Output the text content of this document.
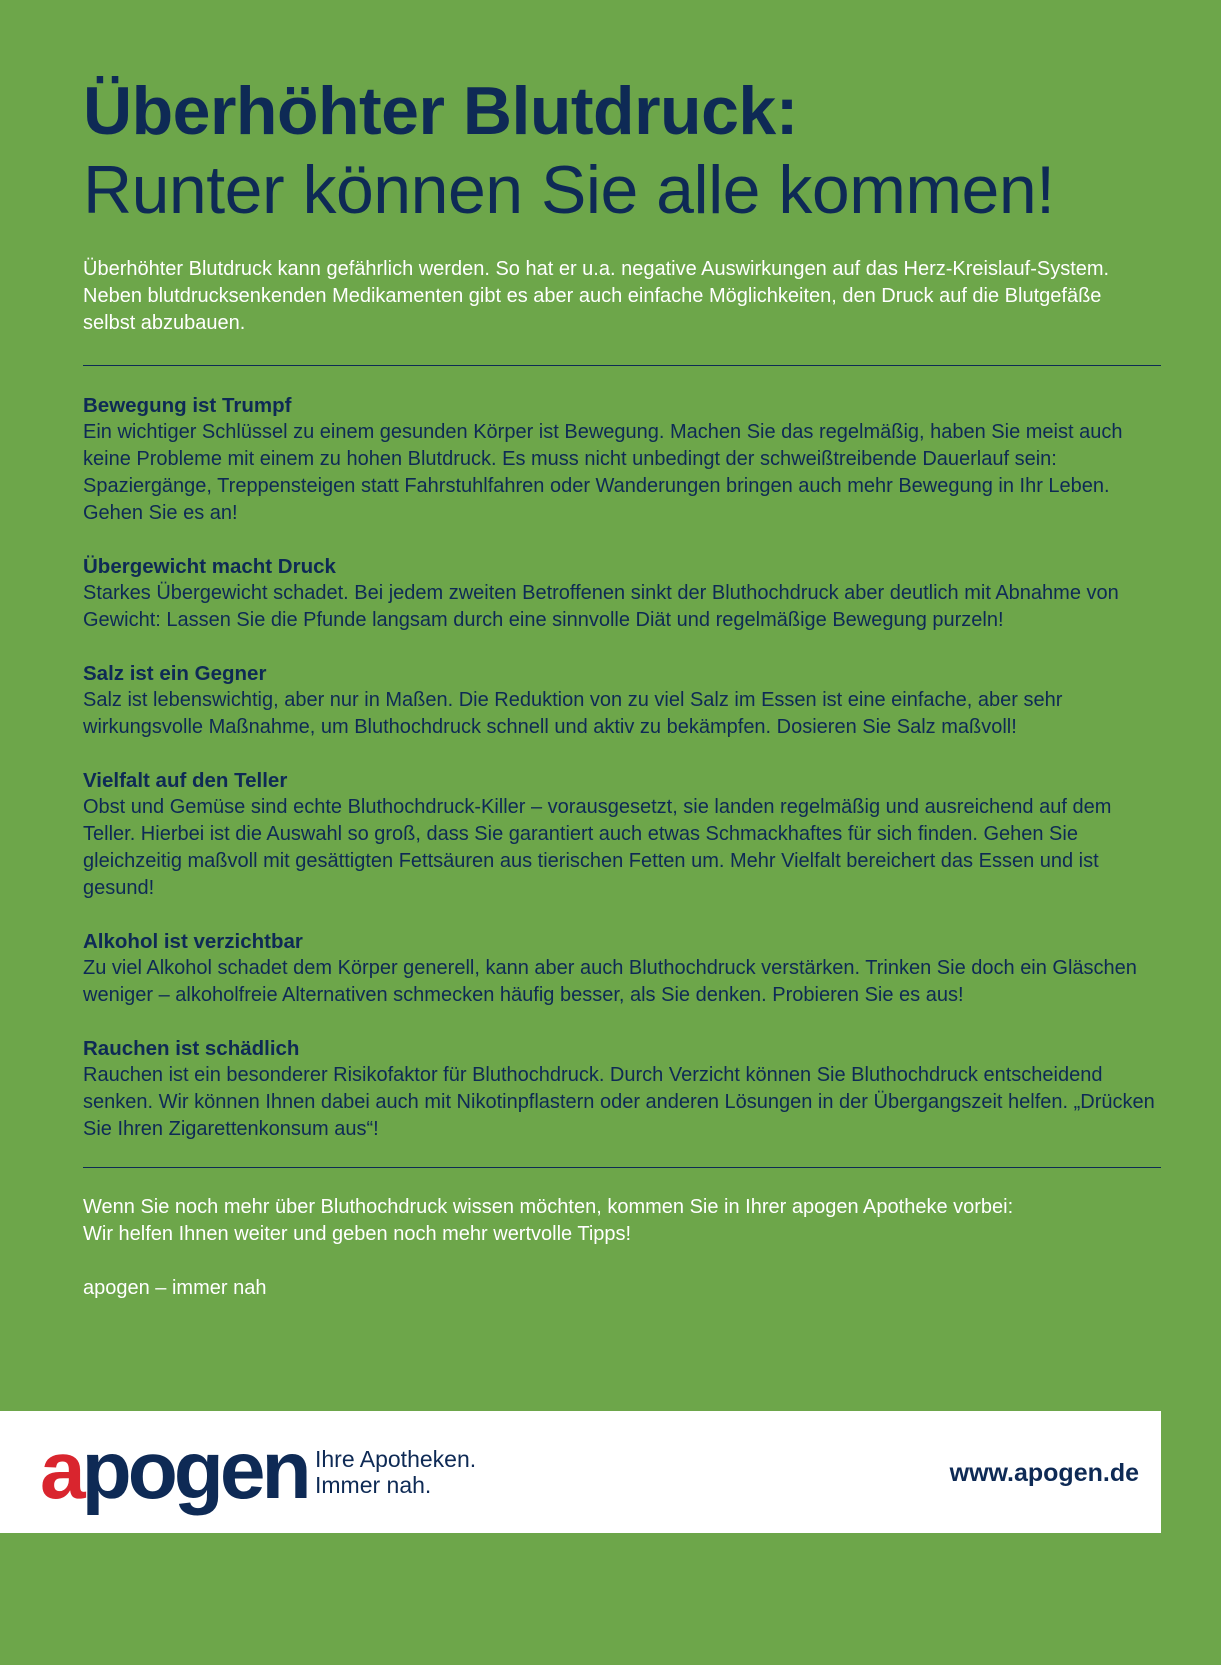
Überhöhter Blutdruck:
Runter können Sie alle kommen!

Überhöhter Blutdruck kann gefährlich werden. So hat er u.a. negative Auswirkungen auf das Herz-Kreislauf-System. Neben blutdrucksenkenden Medikamenten gibt es aber auch einfache Möglichkeiten, den Druck auf die Blutgefäße selbst abzubauen.

Bewegung ist Trumpf
Ein wichtiger Schlüssel zu einem gesunden Körper ist Bewegung. Machen Sie das regelmäßig, haben Sie meist auch keine Probleme mit einem zu hohen Blutdruck. Es muss nicht unbedingt der schweißtreibende Dauerlauf sein: Spaziergänge, Treppensteigen statt Fahrstuhlfahren oder Wanderungen bringen auch mehr Bewegung in Ihr Leben. Gehen Sie es an!
Übergewicht macht Druck
Starkes Übergewicht schadet. Bei jedem zweiten Betroffenen sinkt der Bluthochdruck aber deutlich mit Abnahme von Gewicht: Lassen Sie die Pfunde langsam durch eine sinnvolle Diät und regelmäßige Bewegung purzeln!
Salz ist ein Gegner
Salz ist lebenswichtig, aber nur in Maßen. Die Reduktion von zu viel Salz im Essen ist eine einfache, aber sehr wirkungsvolle Maßnahme, um Bluthochdruck schnell und aktiv zu bekämpfen. Dosieren Sie Salz maßvoll!
Vielfalt auf den Teller
Obst und Gemüse sind echte Bluthochdruck-Killer – vorausgesetzt, sie landen regelmäßig und ausreichend auf dem Teller. Hierbei ist die Auswahl so groß, dass Sie garantiert auch etwas Schmackhaftes für sich finden. Gehen Sie gleichzeitig maßvoll mit gesättigten Fettsäuren aus tierischen Fetten um. Mehr Vielfalt bereichert das Essen und ist gesund!
Alkohol ist verzichtbar
Zu viel Alkohol schadet dem Körper generell, kann aber auch Bluthochdruck verstärken. Trinken Sie doch ein Gläschen weniger – alkoholfreie Alternativen schmecken häufig besser, als Sie denken. Probieren Sie es aus!
Rauchen ist schädlich
Rauchen ist ein besonderer Risikofaktor für Bluthochdruck. Durch Verzicht können Sie Bluthochdruck entscheidend senken. Wir können Ihnen dabei auch mit Nikotinpflastern oder anderen Lösungen in der Übergangszeit helfen. „Drücken Sie Ihren Zigarettenkonsum aus“!
Wenn Sie noch mehr über Bluthochdruck wissen möchten, kommen Sie in Ihrer apogen Apotheke vorbei:
Wir helfen Ihnen weiter und geben noch mehr wertvolle Tipps!
apogen – immer nah
apogen Ihre Apotheken.
Immer nah.	www.apogen.de
